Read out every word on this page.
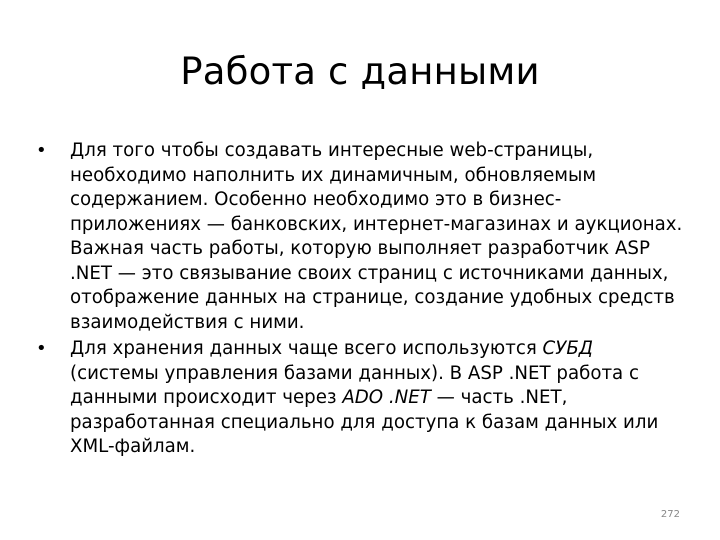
Работа с данными
•	Для того чтобы создавать интересные web-страницы, необходимо наполнить их динамичным, обновляемым содержанием. Особенно необходимо это в бизнес-приложениях — банковских, интернет-магазинах и аукционах. Важная часть работы, которую выполняет разработчик ASP .NET — это связывание своих страниц с источниками данных, отображение данных на странице, создание удобных средств взаимодействия с ними.
•	Для хранения данных чаще всего используются СУБД (системы управления базами данных). В ASP .NET работа с данными происходит через ADO .NET — часть .NET, разработанная специально для доступа к базам данных или XML-файлам.
272
